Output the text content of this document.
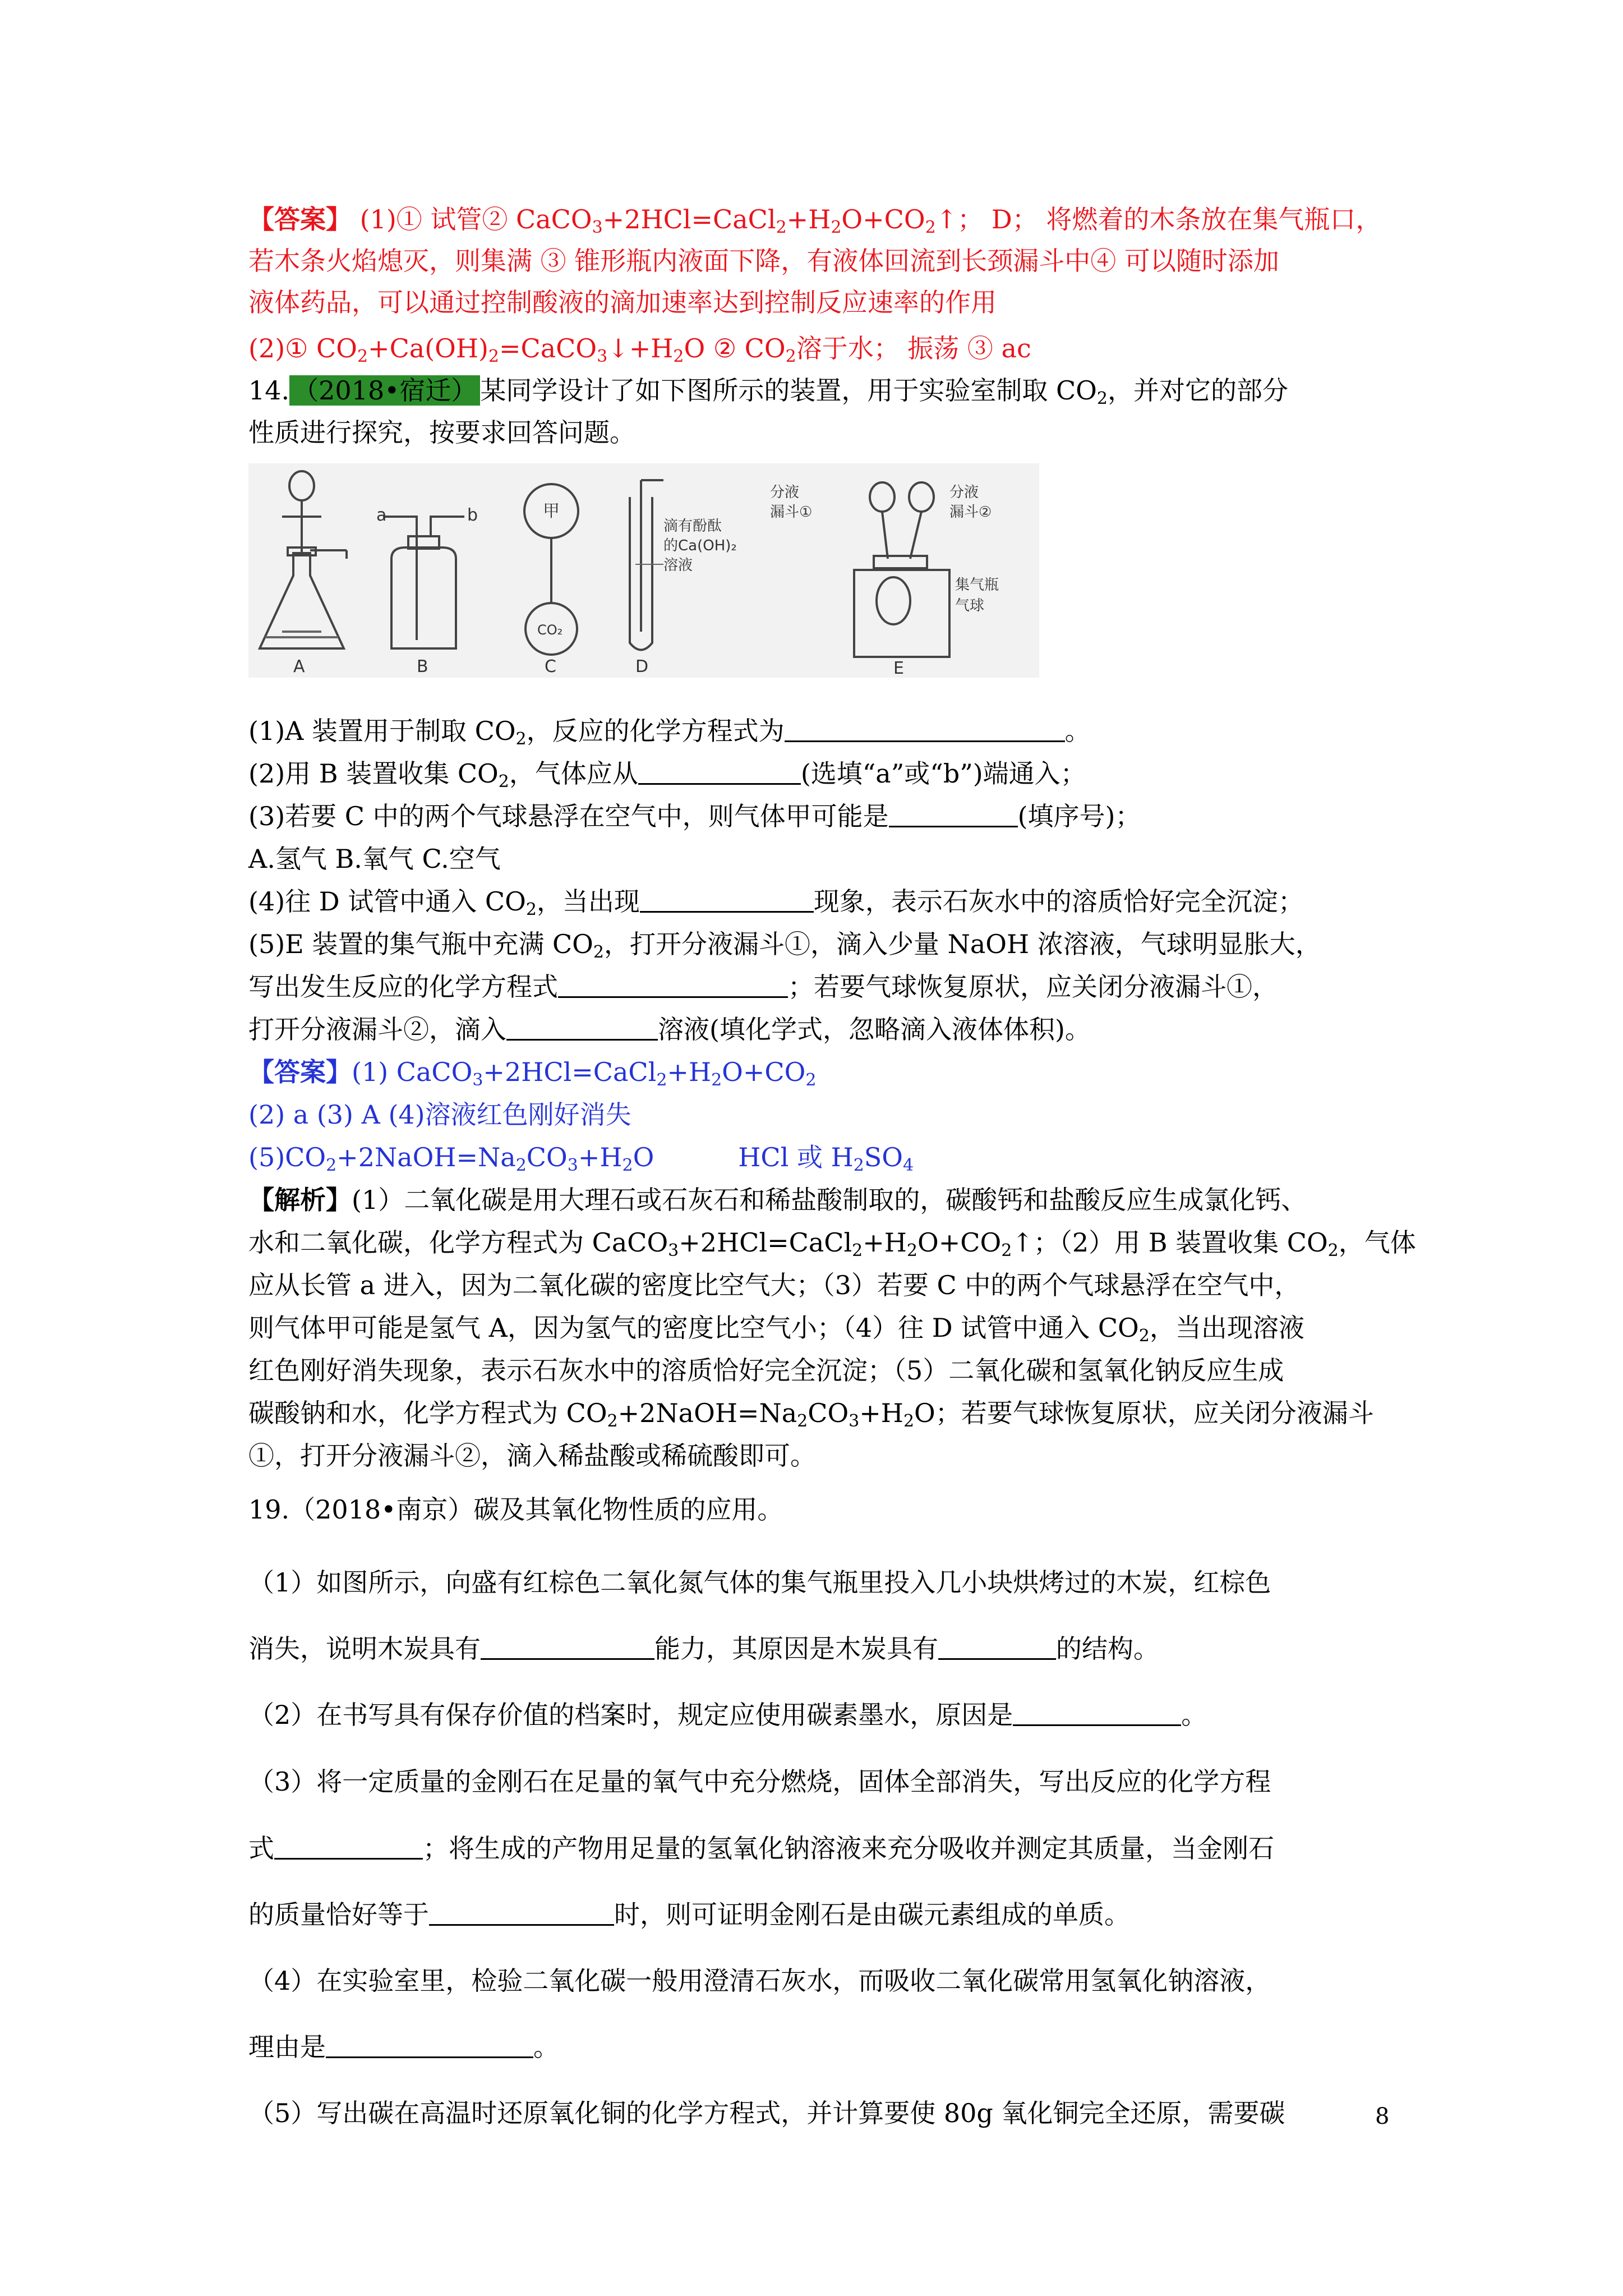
【答案】 (1)① 试管② $CaCO_3+2HCl=CaCl_2+H_2O+CO_2↑$； D； 将燃着的木条放在集气瓶口，
若木条火焰熄灭，则集满 ③ 锥形瓶内液面下降，有液体回流到长颈漏斗中④ 可以随时添加
液体药品，可以通过控制酸液的滴加速率达到控制反应速率的作用
(2)① $CO_2+Ca(OH)_2=CaCO_3↓+H_2O$ ② $CO_2$溶于水； 振荡 ③ ac
14. （2018•宿迁） 某同学设计了如下图所示的装置，用于实验室制取 $CO_2$，并对它的部分
性质进行探究，按要求回答问题。
A	B	C	D	E
a	b	甲
CO₂
滴有酚酞
的Ca(OH)₂
溶液
分液
漏斗①
分液
漏斗②
集气瓶
气球
(1)A 装置用于制取 $CO_2$，反应的化学方程式为	。
(2)用 B 装置收集 $CO_2$，气体应从	(选填“a”或“b”)端通入；
(3)若要 C 中的两个气球悬浮在空气中，则气体甲可能是	(填序号)；
A.氢气 B.氧气 C.空气
(4)往 D 试管中通入 $CO_2$，当出现	现象，表示石灰水中的溶质恰好完全沉淀；
(5)E 装置的集气瓶中充满 $CO_2$，打开分液漏斗①，滴入少量 NaOH 浓溶液，气球明显胀大，
写出发生反应的化学方程式	；若要气球恢复原状，应关闭分液漏斗①，
打开分液漏斗②，滴入	溶液(填化学式，忽略滴入液体体积)。
【答案】(1) $CaCO_3+2HCl=CaCl_2+H_2O+CO_2$
(2) a (3) A (4)溶液红色刚好消失
$(5)CO_2+2NaOH=Na_2CO_3+H_2O$	HCl 或 $H_2SO_4$
【解析】(1）二氧化碳是用大理石或石灰石和稀盐酸制取的，碳酸钙和盐酸反应生成氯化钙、
水和二氧化碳，化学方程式为 $CaCO_3+2HCl=CaCl_2+H_2O+CO_2↑$；（2）用 B 装置收集 $CO_2$，气体
应从长管 a 进入，因为二氧化碳的密度比空气大；（3）若要 C 中的两个气球悬浮在空气中，
则气体甲可能是氢气 A，因为氢气的密度比空气小；（4）往 D 试管中通入 $CO_2$，当出现溶液
红色刚好消失现象，表示石灰水中的溶质恰好完全沉淀；（5）二氧化碳和氢氧化钠反应生成
碳酸钠和水，化学方程式为 $CO_2+2NaOH=Na_2CO_3+H_2O$；若要气球恢复原状，应关闭分液漏斗
①，打开分液漏斗②，滴入稀盐酸或稀硫酸即可。
19.（2018•南京）碳及其氧化物性质的应用。
（1）如图所示，向盛有红棕色二氧化氮气体的集气瓶里投入几小块烘烤过的木炭，红棕色
消失，说明木炭具有	能力，其原因是木炭具有	的结构。
（2）在书写具有保存价值的档案时，规定应使用碳素墨水，原因是	。
（3）将一定质量的金刚石在足量的氧气中充分燃烧，固体全部消失，写出反应的化学方程
式	；将生成的产物用足量的氢氧化钠溶液来充分吸收并测定其质量，当金刚石
的质量恰好等于	时，则可证明金刚石是由碳元素组成的单质。
（4）在实验室里，检验二氧化碳一般用澄清石灰水，而吸收二氧化碳常用氢氧化钠溶液，
理由是	。
（5）写出碳在高温时还原氧化铜的化学方程式，并计算要使 80g 氧化铜完全还原，需要碳	8
